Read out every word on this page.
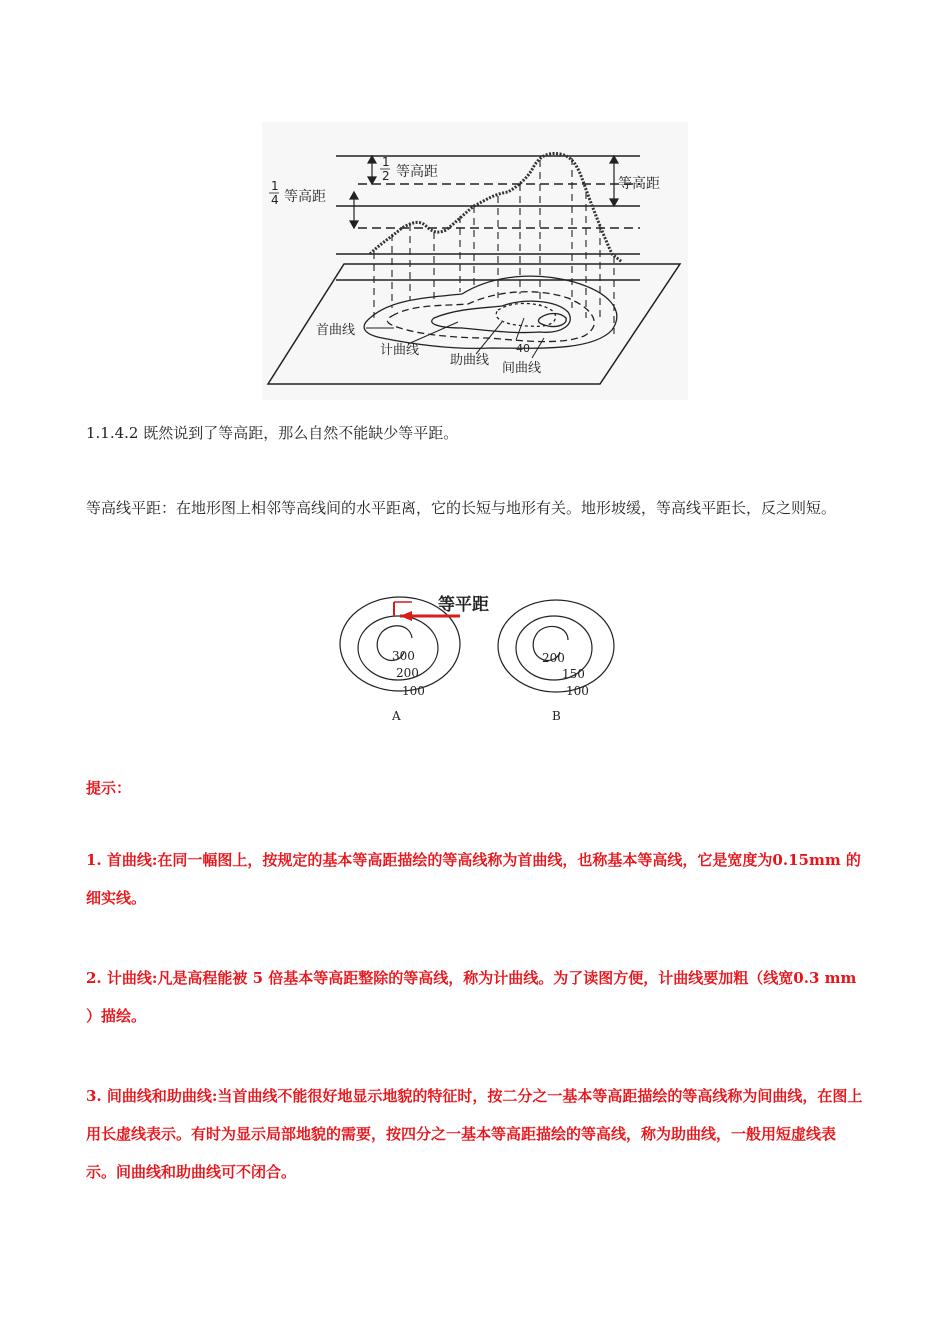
1
2 等高距
1
4 等高距
等高距
首曲线
计曲线
助曲线
40
间曲线

1.1.4.2 既然说到了等高距，那么自然不能缺少等平距。

等高线平距：在地形图上相邻等高线间的水平距离，它的长短与地形有关。地形坡缓，等高线平距长，反之则短。

300
200
100
A
等平距
200
150
100
B

提示：

1. 首曲线:在同一幅图上，按规定的基本等高距描绘的等高线称为首曲线，也称基本等高线，它是宽度为0.15mm 的细实线。

2. 计曲线:凡是高程能被 5 倍基本等高距整除的等高线，称为计曲线。为了读图方便，计曲线要加粗（线宽0.3 mm ）描绘。

3. 间曲线和助曲线:当首曲线不能很好地显示地貌的特征时，按二分之一基本等高距描绘的等高线称为间曲线，在图上用长虚线表示。有时为显示局部地貌的需要，按四分之一基本等高距描绘的等高线，称为助曲线，一般用短虚线表示。间曲线和助曲线可不闭合。
